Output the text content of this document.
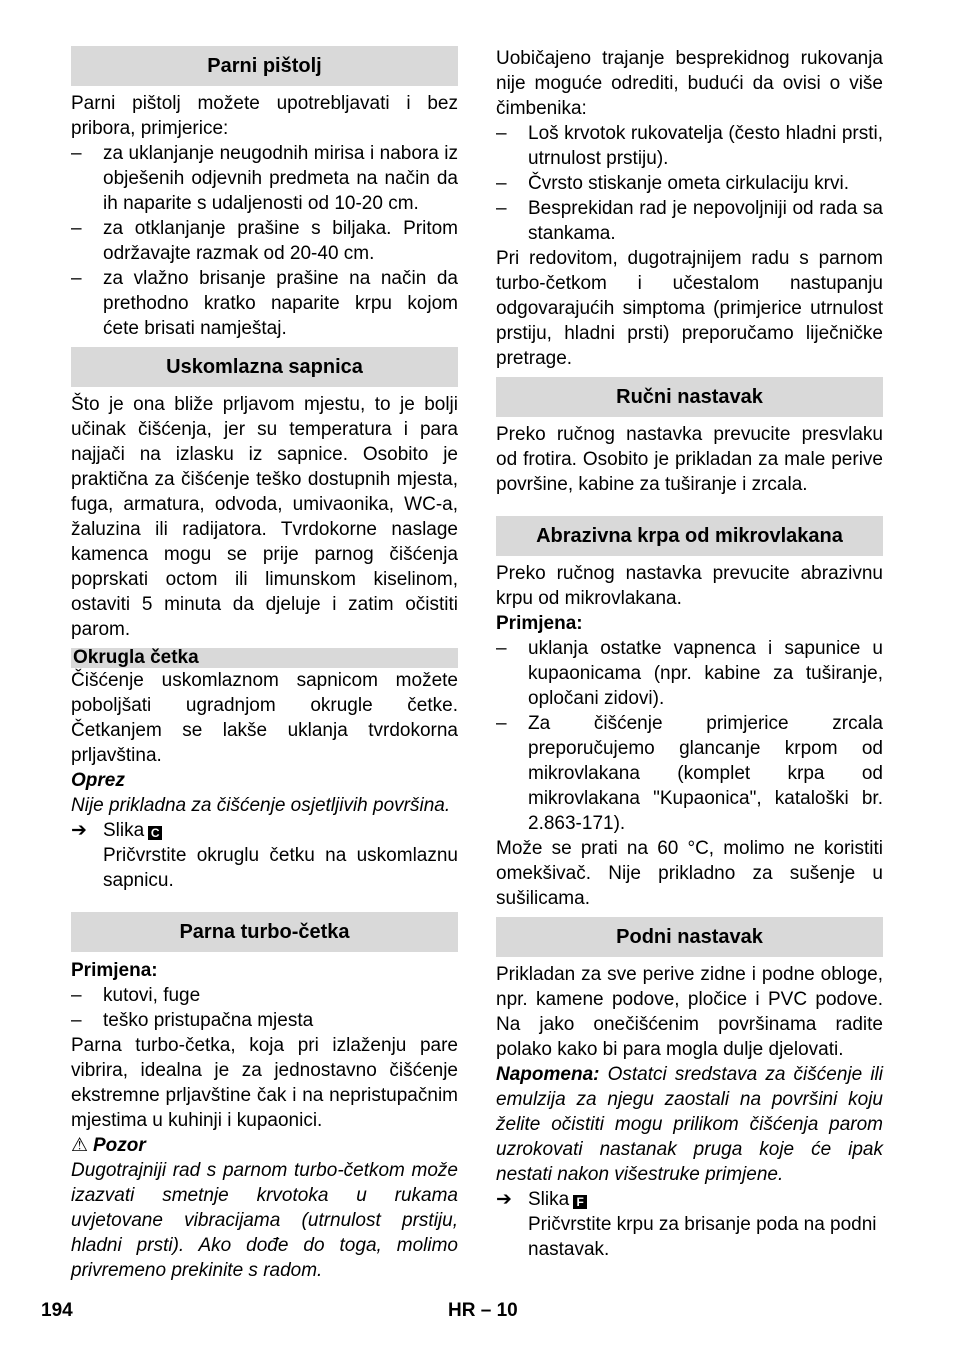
Parni pištolj

Parni pištolj možete upotrebljavati i bez pribora, primjerice:

– za uklanjanje neugodnih mirisa i nabora iz obješenih odjevnih predmeta na način da ih naparite s udaljenosti od 10-20 cm.
– za otklanjanje prašine s biljaka. Pritom održavajte razmak od 20-40 cm.
– za vlažno brisanje prašine na način da prethodno kratko naparite krpu kojom ćete brisati namještaj.
Uskomlazna sapnica

Što je ona bliže prljavom mjestu, to je bolji učinak čišćenja, jer su temperatura i para najjači na izlasku iz sapnice. Osobito je praktična za čišćenje teško dostupnih mjesta, fuga, armatura, odvoda, umivaonika, WC-a, žaluzina ili radijatora. Tvrdokorne naslage kamenca mogu se prije parnog čišćenja poprskati octom ili limunskom kiselinom, ostaviti 5 minuta da djeluje i zatim očistiti parom.

Okrugla četka

Čišćenje uskomlaznom sapnicom možete poboljšati ugradnjom okrugle četke. Četkanjem se lakše uklanja tvrdokorna prljavština.

Oprez

Nije prikladna za čišćenje osjetljivih površina.

➔ Slika C

Pričvrstite okruglu četku na uskomlaznu sapnicu.

Parna turbo-četka

Primjena:

– kutovi, fuge
– teško pristupačna mjesta

Parna turbo-četka, koja pri izlaženju pare vibrira, idealna je za jednostavno čišćenje ekstremne prljavštine čak i na nepristupačnim mjestima u kuhinji i kupaonici.

⚠ Pozor

Dugotrajniji rad s parnom turbo-četkom može izazvati smetnje krvotoka u rukama uvjetovane vibracijama (utrnulost prstiju, hladni prsti). Ako dođe do toga, molimo privremeno prekinite s radom.

Uobičajeno trajanje besprekidnog rukovanja nije moguće odrediti, budući da ovisi o više čimbenika:

– Loš krvotok rukovatelja (često hladni prsti, utrnulost prstiju).
– Čvrsto stiskanje ometa cirkulaciju krvi.
– Besprekidan rad je nepovoljniji od rada sa stankama.

Pri redovitom, dugotrajnijem radu s parnom turbo-četkom i učestalom nastupanju odgovarajućih simptoma (primjerice utrnulost prstiju, hladni prsti) preporučamo liječničke pretrage.

Ručni nastavak

Preko ručnog nastavka prevucite presvlaku od frotira. Osobito je prikladan za male perive površine, kabine za tuširanje i zrcala.

Abrazivna krpa od mikrovlakana

Preko ručnog nastavka prevucite abrazivnu krpu od mikrovlakana.

Primjena:

– uklanja ostatke vapnenca i sapunice u kupaonicama (npr. kabine za tuširanje, opločani zidovi).
– Za čišćenje primjerice zrcala preporučujemo glancanje krpom od mikrovlakana (komplet krpa od mikrovlakana "Kupaonica", kataloški br. 2.863-171).

Može se prati na 60 °C, molimo ne koristiti omekšivač. Nije prikladno za sušenje u sušilicama.

Podni nastavak

Prikladan za sve perive zidne i podne obloge, npr. kamene podove, pločice i PVC podove. Na jako onečišćenim površinama radite polako kako bi para mogla dulje djelovati.

Napomena: Ostatci sredstava za čišćenje ili emulzija za njegu zaostali na površini koju želite očistiti mogu prilikom čišćenja parom uzrokovati nastanak pruga koje će ipak nestati nakon višestruke primjene.

➔ Slika F

Pričvrstite krpu za brisanje poda na podni nastavak.

194	HR – 10
